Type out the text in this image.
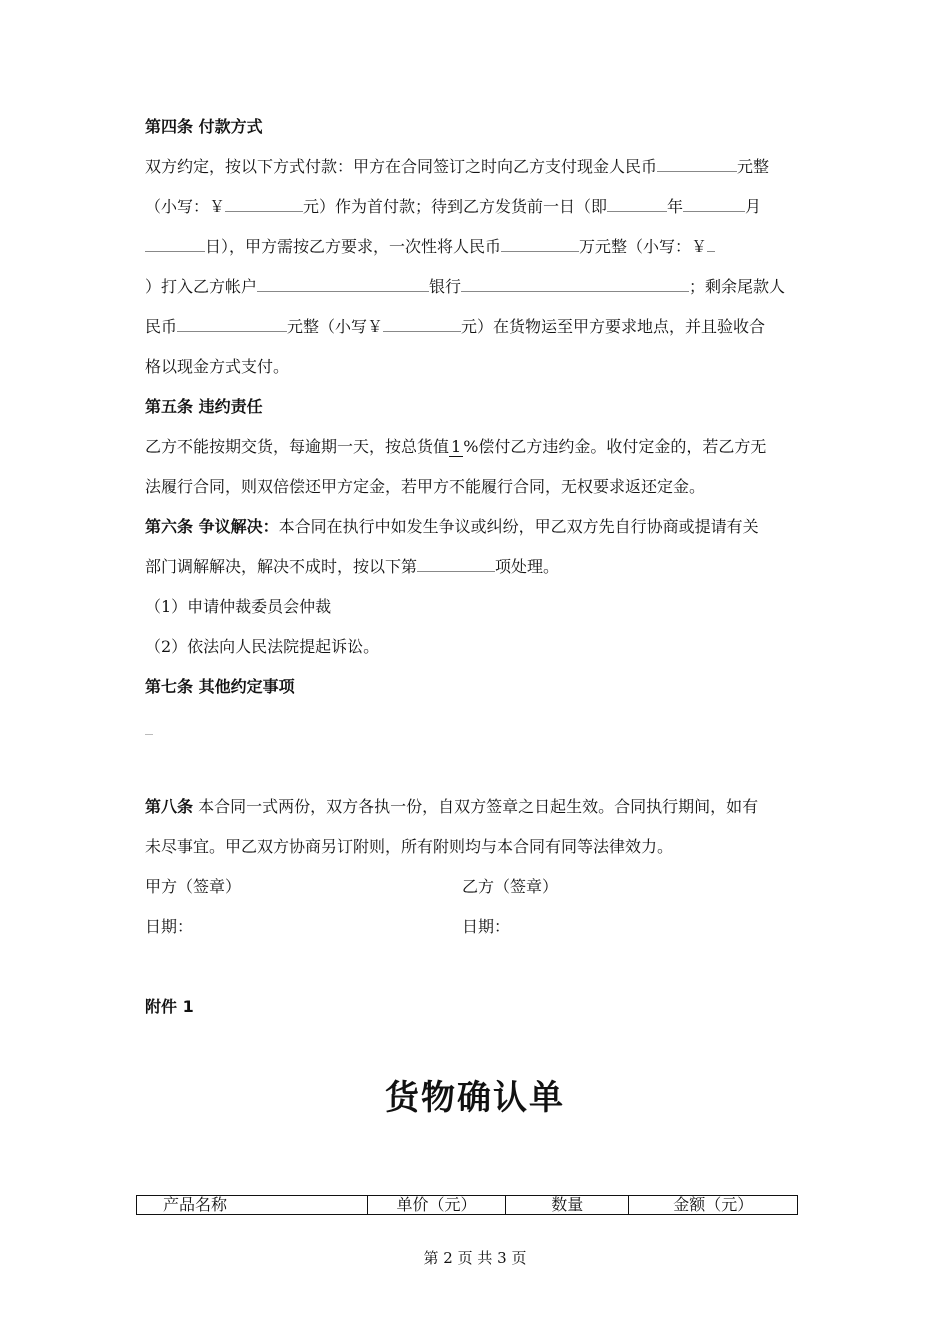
第四条 付款方式
双方约定，按以下方式付款：甲方在合同签订之时向乙方支付现金人民币	元整
（小写：￥	元）作为首付款；待到乙方发货前一日（即	年	月
日），甲方需按乙方要求，一次性将人民币	万元整（小写：￥
）打入乙方帐户	银行	；剩余尾款人
民币	元整（小写￥	元）在货物运至甲方要求地点，并且验收合
格以现金方式支付。
第五条 违约责任
乙方不能按期交货，每逾期一天，按总货值 1 %偿付乙方违约金。收付定金的，若乙方无
法履行合同，则双倍偿还甲方定金，若甲方不能履行合同，无权要求返还定金。
第六条 争议解决：本合同在执行中如发生争议或纠纷，甲乙双方先自行协商或提请有关
部门调解解决，解决不成时，按以下第	项处理。
（1）申请仲裁委员会仲裁
（2）依法向人民法院提起诉讼。
第七条 其他约定事项
第八条 本合同一式两份，双方各执一份，自双方签章之日起生效。合同执行期间，如有
未尽事宜。甲乙双方协商另订附则，所有附则均与本合同有同等法律效力。
甲方（签章）	乙方（签章）
日期：	日期：
附件 1
货物确认单
产品名称	单价（元）	数量	金额（元）
第 2 页 共 3 页
